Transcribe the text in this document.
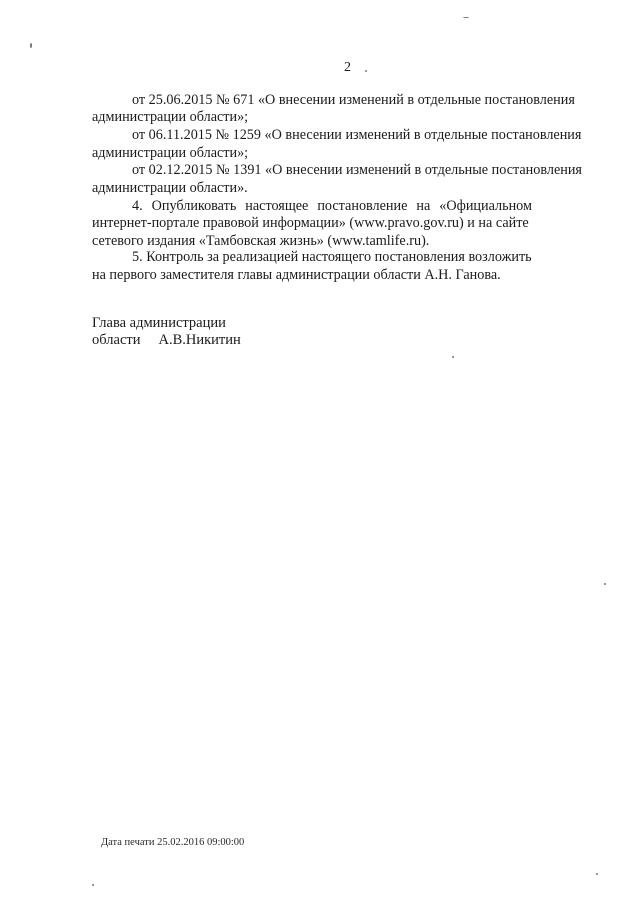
2
от 25.06.2015 № 671 «О внесении изменений в отдельные постановления
администрации области»;
от 06.11.2015 № 1259 «О внесении изменений в отдельные постановления
администрации области»;
от 02.12.2015 № 1391 «О внесении изменений в отдельные постановления
администрации области».
4. Опубликовать настоящее постановление на «Официальном
интернет-портале правовой информации» (www.pravo.gov.ru) и на сайте
сетевого издания «Тамбовская жизнь» (www.tamlife.ru).
5. Контроль за реализацией настоящего постановления возложить
на первого заместителя главы администрации области А.Н. Ганова.
Глава администрации
области А.В.Никитин
Дата печати 25.02.2016 09:00:00
